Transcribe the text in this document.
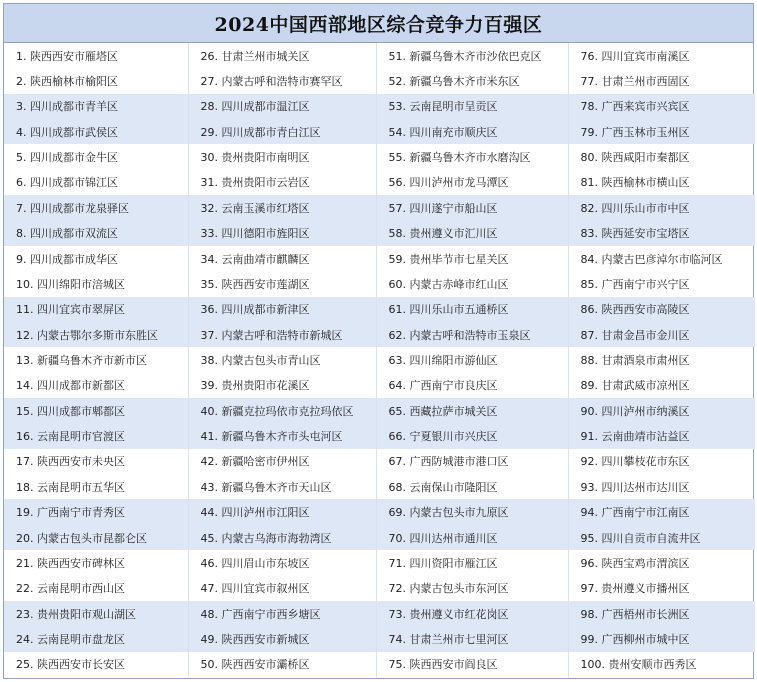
2024中国西部地区综合竞争力百强区
1. 陕西西安市雁塔区	26. 甘肃兰州市城关区	51. 新疆乌鲁木齐市沙依巴克区	76. 四川宜宾市南溪区
2. 陕西榆林市榆阳区	27. 内蒙古呼和浩特市赛罕区	52. 新疆乌鲁木齐市米东区	77. 甘肃兰州市西固区
3. 四川成都市青羊区	28. 四川成都市温江区	53. 云南昆明市呈贡区	78. 广西来宾市兴宾区
4. 四川成都市武侯区	29. 四川成都市青白江区	54. 四川南充市顺庆区	79. 广西玉林市玉州区
5. 四川成都市金牛区	30. 贵州贵阳市南明区	55. 新疆乌鲁木齐市水磨沟区	80. 陕西咸阳市秦都区
6. 四川成都市锦江区	31. 贵州贵阳市云岩区	56. 四川泸州市龙马潭区	81. 陕西榆林市横山区
7. 四川成都市龙泉驿区	32. 云南玉溪市红塔区	57. 四川遂宁市船山区	82. 四川乐山市市中区
8. 四川成都市双流区	33. 四川德阳市旌阳区	58. 贵州遵义市汇川区	83. 陕西延安市宝塔区
9. 四川成都市成华区	34. 云南曲靖市麒麟区	59. 贵州毕节市七星关区	84. 内蒙古巴彦淖尔市临河区
10. 四川绵阳市涪城区	35. 陕西西安市莲湖区	60. 内蒙古赤峰市红山区	85. 广西南宁市兴宁区
11. 四川宜宾市翠屏区	36. 四川成都市新津区	61. 四川乐山市五通桥区	86. 陕西西安市高陵区
12. 内蒙古鄂尔多斯市东胜区	37. 内蒙古呼和浩特市新城区	62. 内蒙古呼和浩特市玉泉区	87. 甘肃金昌市金川区
13. 新疆乌鲁木齐市新市区	38. 内蒙古包头市青山区	63. 四川绵阳市游仙区	88. 甘肃酒泉市肃州区
14. 四川成都市新都区	39. 贵州贵阳市花溪区	64. 广西南宁市良庆区	89. 甘肃武威市凉州区
15. 四川成都市郫都区	40. 新疆克拉玛依市克拉玛依区	65. 西藏拉萨市城关区	90. 四川泸州市纳溪区
16. 云南昆明市官渡区	41. 新疆乌鲁木齐市头屯河区	66. 宁夏银川市兴庆区	91. 云南曲靖市沾益区
17. 陕西西安市未央区	42. 新疆哈密市伊州区	67. 广西防城港市港口区	92. 四川攀枝花市东区
18. 云南昆明市五华区	43. 新疆乌鲁木齐市天山区	68. 云南保山市隆阳区	93. 四川达州市达川区
19. 广西南宁市青秀区	44. 四川泸州市江阳区	69. 内蒙古包头市九原区	94. 广西南宁市江南区
20. 内蒙古包头市昆都仑区	45. 内蒙古乌海市海勃湾区	70. 四川达州市通川区	95. 四川自贡市自流井区
21. 陕西西安市碑林区	46. 四川眉山市东坡区	71. 四川资阳市雁江区	96. 陕西宝鸡市渭滨区
22. 云南昆明市西山区	47. 四川宜宾市叙州区	72. 内蒙古包头市东河区	97. 贵州遵义市播州区
23. 贵州贵阳市观山湖区	48. 广西南宁市西乡塘区	73. 贵州遵义市红花岗区	98. 广西梧州市长洲区
24. 云南昆明市盘龙区	49. 陕西西安市新城区	74. 甘肃兰州市七里河区	99. 广西柳州市城中区
25. 陕西西安市长安区	50. 陕西西安市灞桥区	75. 陕西西安市阎良区	100. 贵州安顺市西秀区
